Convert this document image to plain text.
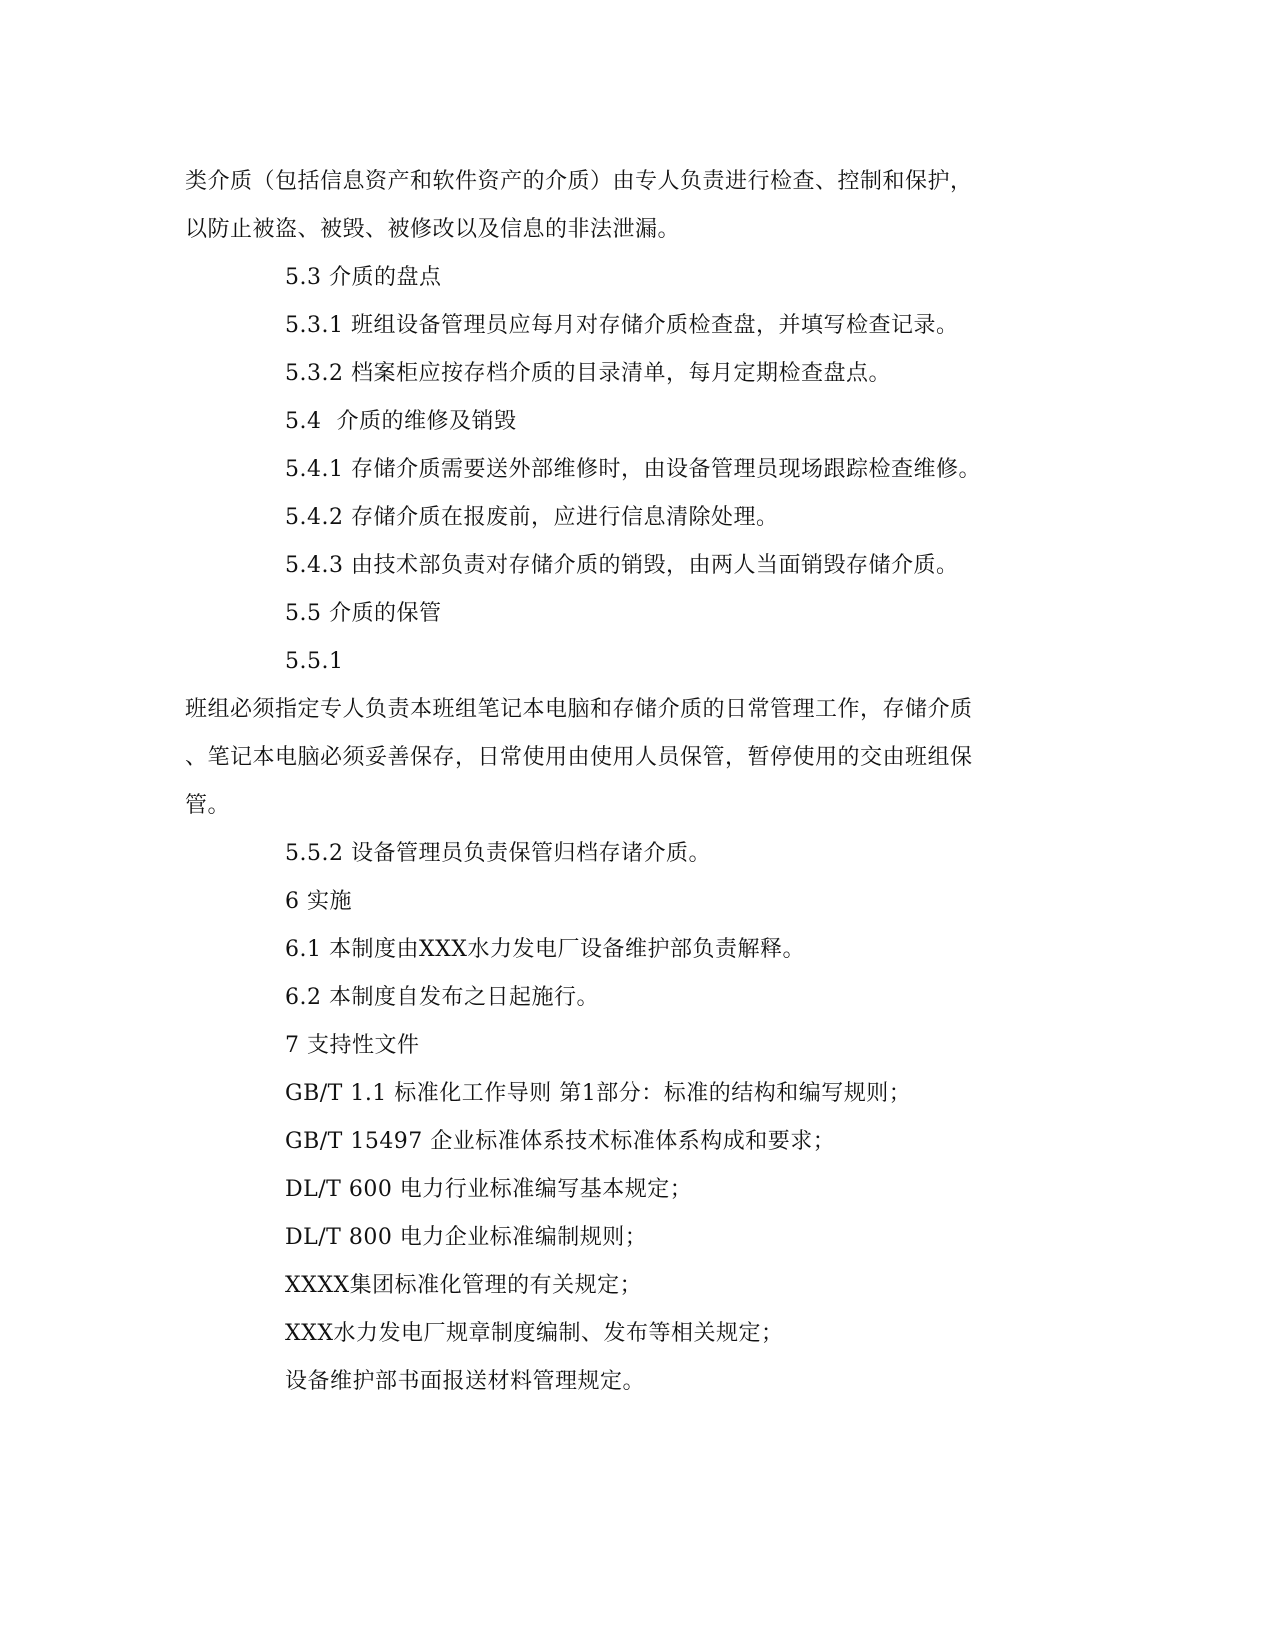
类介质（包括信息资产和软件资产的介质）由专人负责进行检查、控制和保护，
以防止被盗、被毁、被修改以及信息的非法泄漏。
5.3 介质的盘点
5.3.1 班组设备管理员应每月对存储介质检查盘，并填写检查记录。
5.3.2 档案柜应按存档介质的目录清单，每月定期检查盘点。
5.4  介质的维修及销毁
5.4.1 存储介质需要送外部维修时，由设备管理员现场跟踪检查维修。
5.4.2 存储介质在报废前，应进行信息清除处理。
5.4.3 由技术部负责对存储介质的销毁，由两人当面销毁存储介质。
5.5 介质的保管
5.5.1
班组必须指定专人负责本班组笔记本电脑和存储介质的日常管理工作，存储介质
、笔记本电脑必须妥善保存，日常使用由使用人员保管，暂停使用的交由班组保
管。
5.5.2 设备管理员负责保管归档存诸介质。
6 实施
6.1 本制度由XXX水力发电厂设备维护部负责解释。
6.2 本制度自发布之日起施行。
7 支持性文件
GB/T 1.1 标准化工作导则 第1部分：标准的结构和编写规则；
GB/T 15497 企业标准体系技术标准体系构成和要求；
DL/T 600 电力行业标准编写基本规定；
DL/T 800 电力企业标准编制规则；
XXXX集团标准化管理的有关规定；
XXX水力发电厂规章制度编制、发布等相关规定；
设备维护部书面报送材料管理规定。
